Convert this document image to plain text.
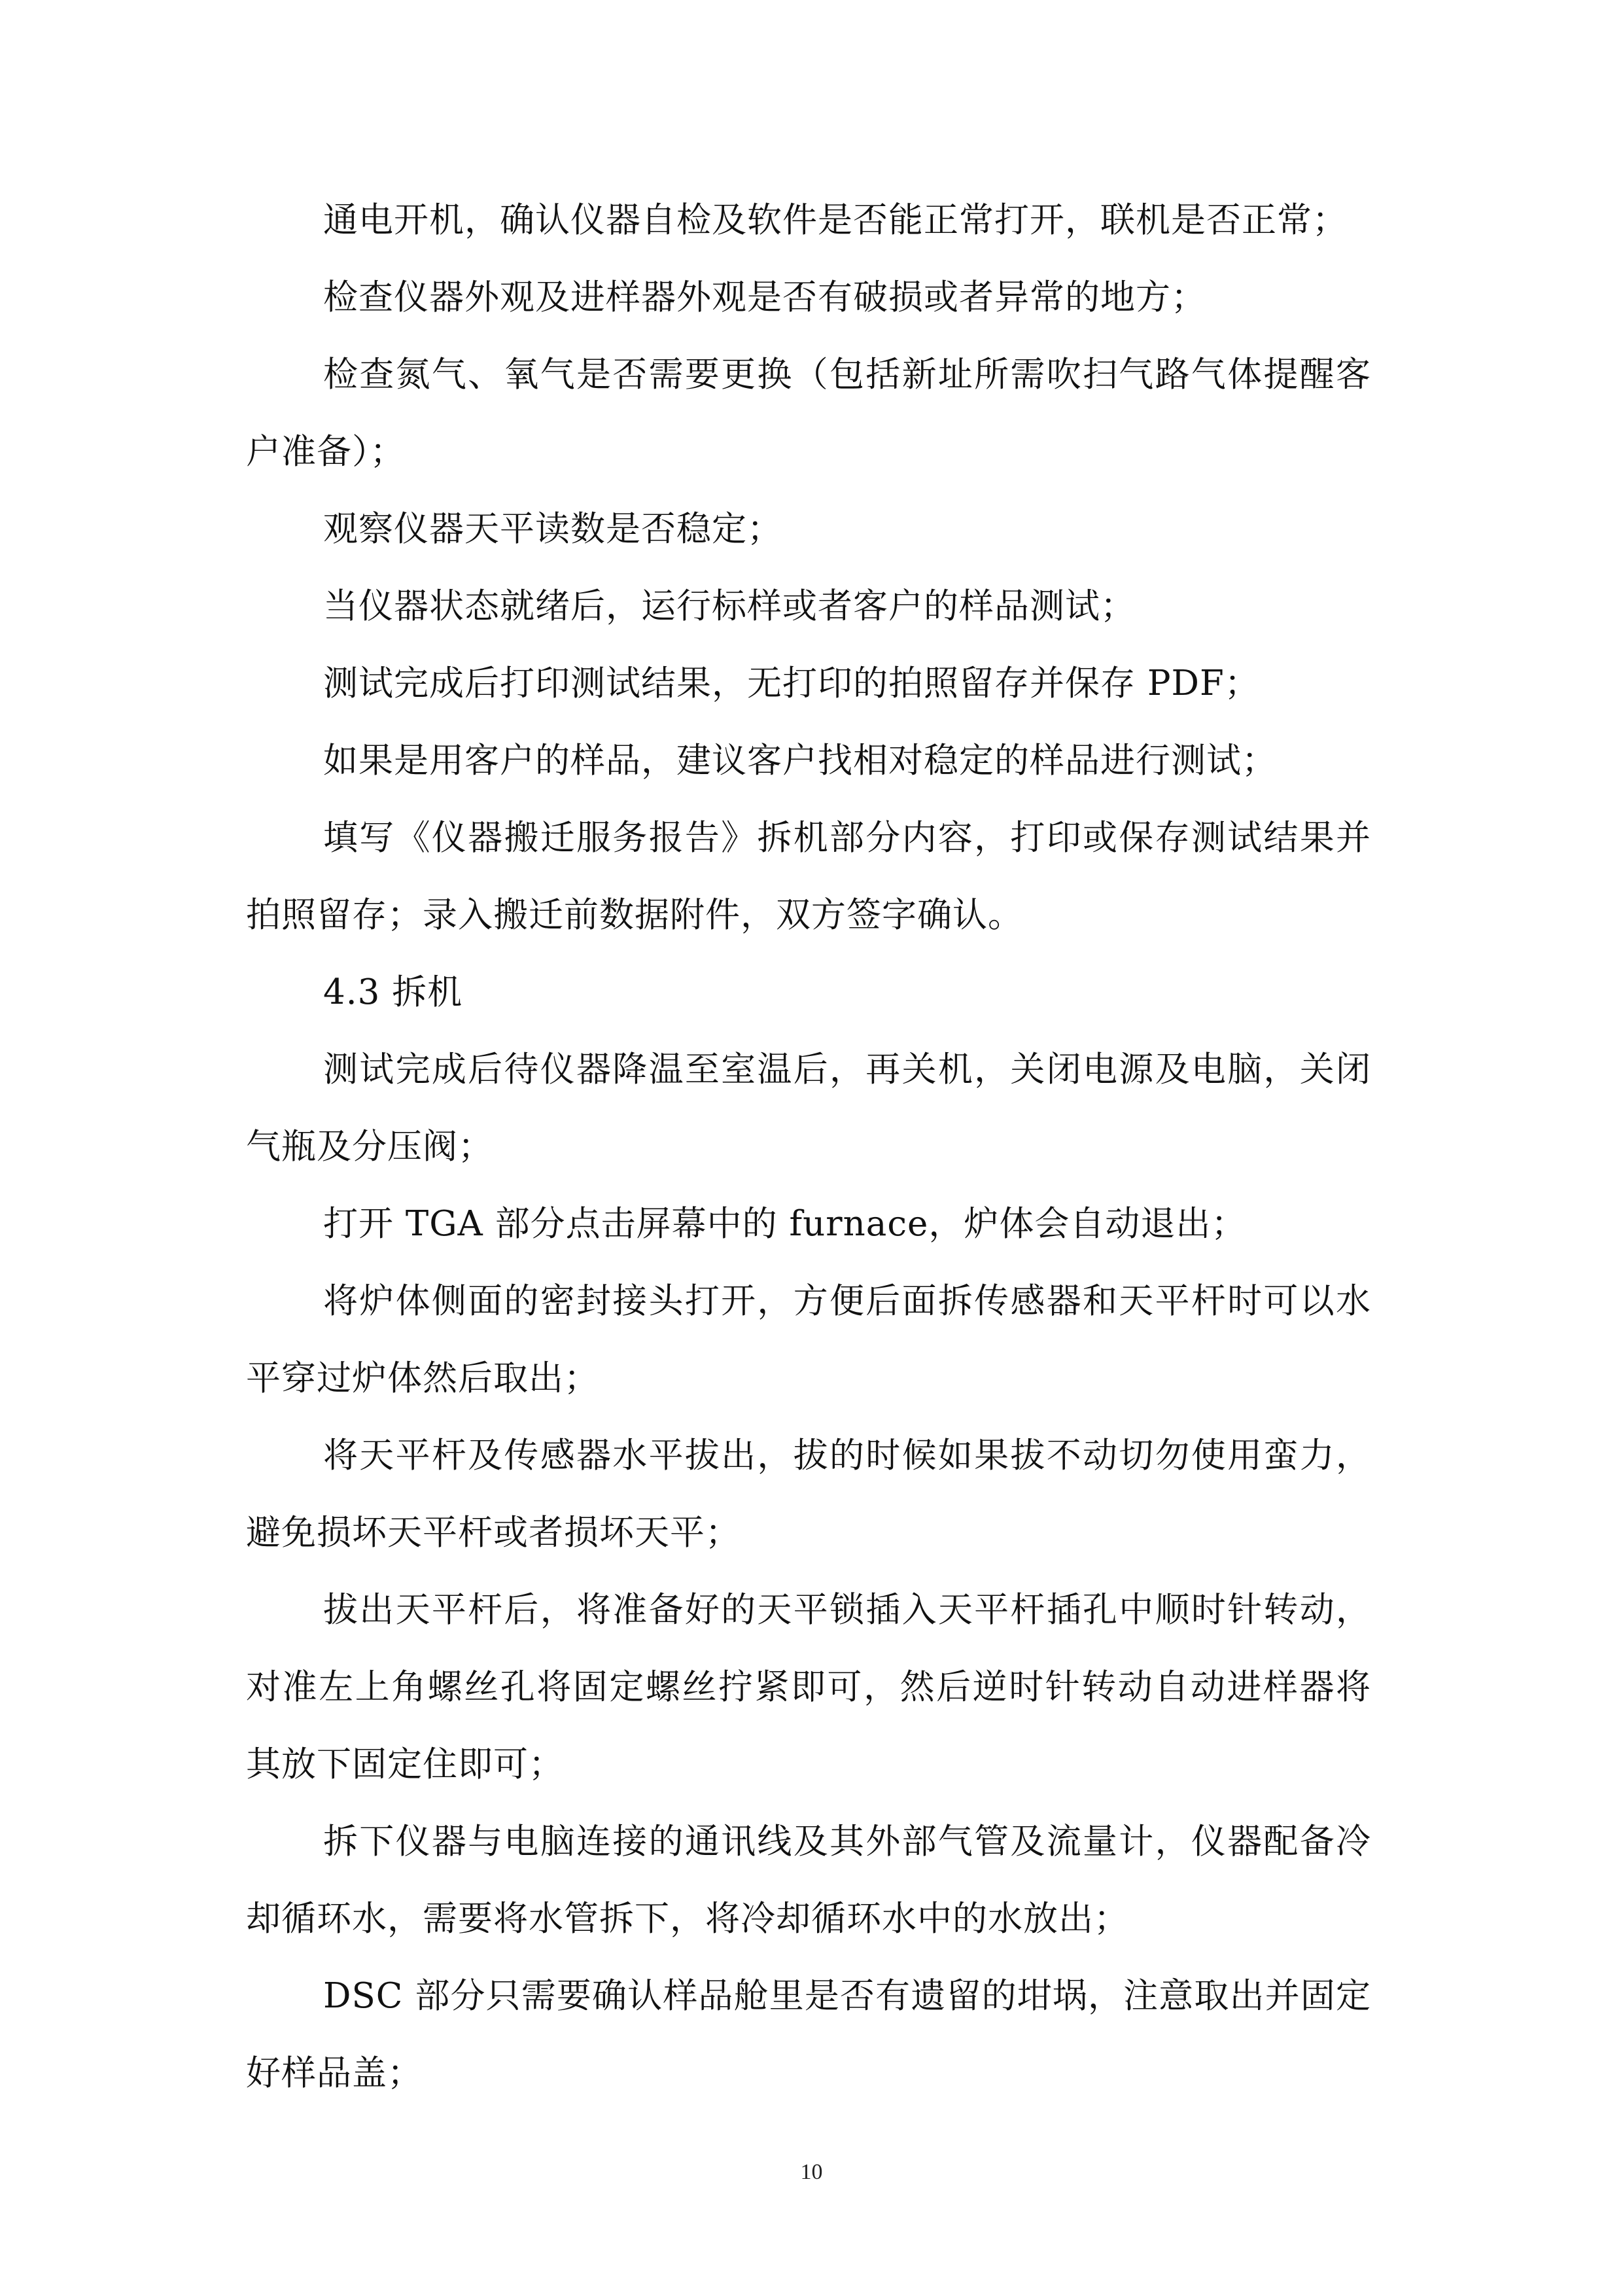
通电开机，确认仪器自检及软件是否能正常打开，联机是否正常；

检查仪器外观及进样器外观是否有破损或者异常的地方；

检查氮气、氧气是否需要更换（包括新址所需吹扫气路气体提醒客户准备）；

观察仪器天平读数是否稳定；

当仪器状态就绪后，运行标样或者客户的样品测试；

测试完成后打印测试结果，无打印的拍照留存并保存 PDF；

如果是用客户的样品，建议客户找相对稳定的样品进行测试；

填写《仪器搬迁服务报告》拆机部分内容，打印或保存测试结果并拍照留存；录入搬迁前数据附件，双方签字确认。

4.3 拆机

测试完成后待仪器降温至室温后，再关机，关闭电源及电脑，关闭气瓶及分压阀；

打开 TGA 部分点击屏幕中的 furnace，炉体会自动退出；

将炉体侧面的密封接头打开，方便后面拆传感器和天平杆时可以水平穿过炉体然后取出；

将天平杆及传感器水平拔出，拔的时候如果拔不动切勿使用蛮力，避免损坏天平杆或者损坏天平；

拔出天平杆后，将准备好的天平锁插入天平杆插孔中顺时针转动，对准左上角螺丝孔将固定螺丝拧紧即可，然后逆时针转动自动进样器将其放下固定住即可；

拆下仪器与电脑连接的通讯线及其外部气管及流量计，仪器配备冷却循环水，需要将水管拆下，将冷却循环水中的水放出；

DSC 部分只需要确认样品舱里是否有遗留的坩埚，注意取出并固定好样品盖；

10
